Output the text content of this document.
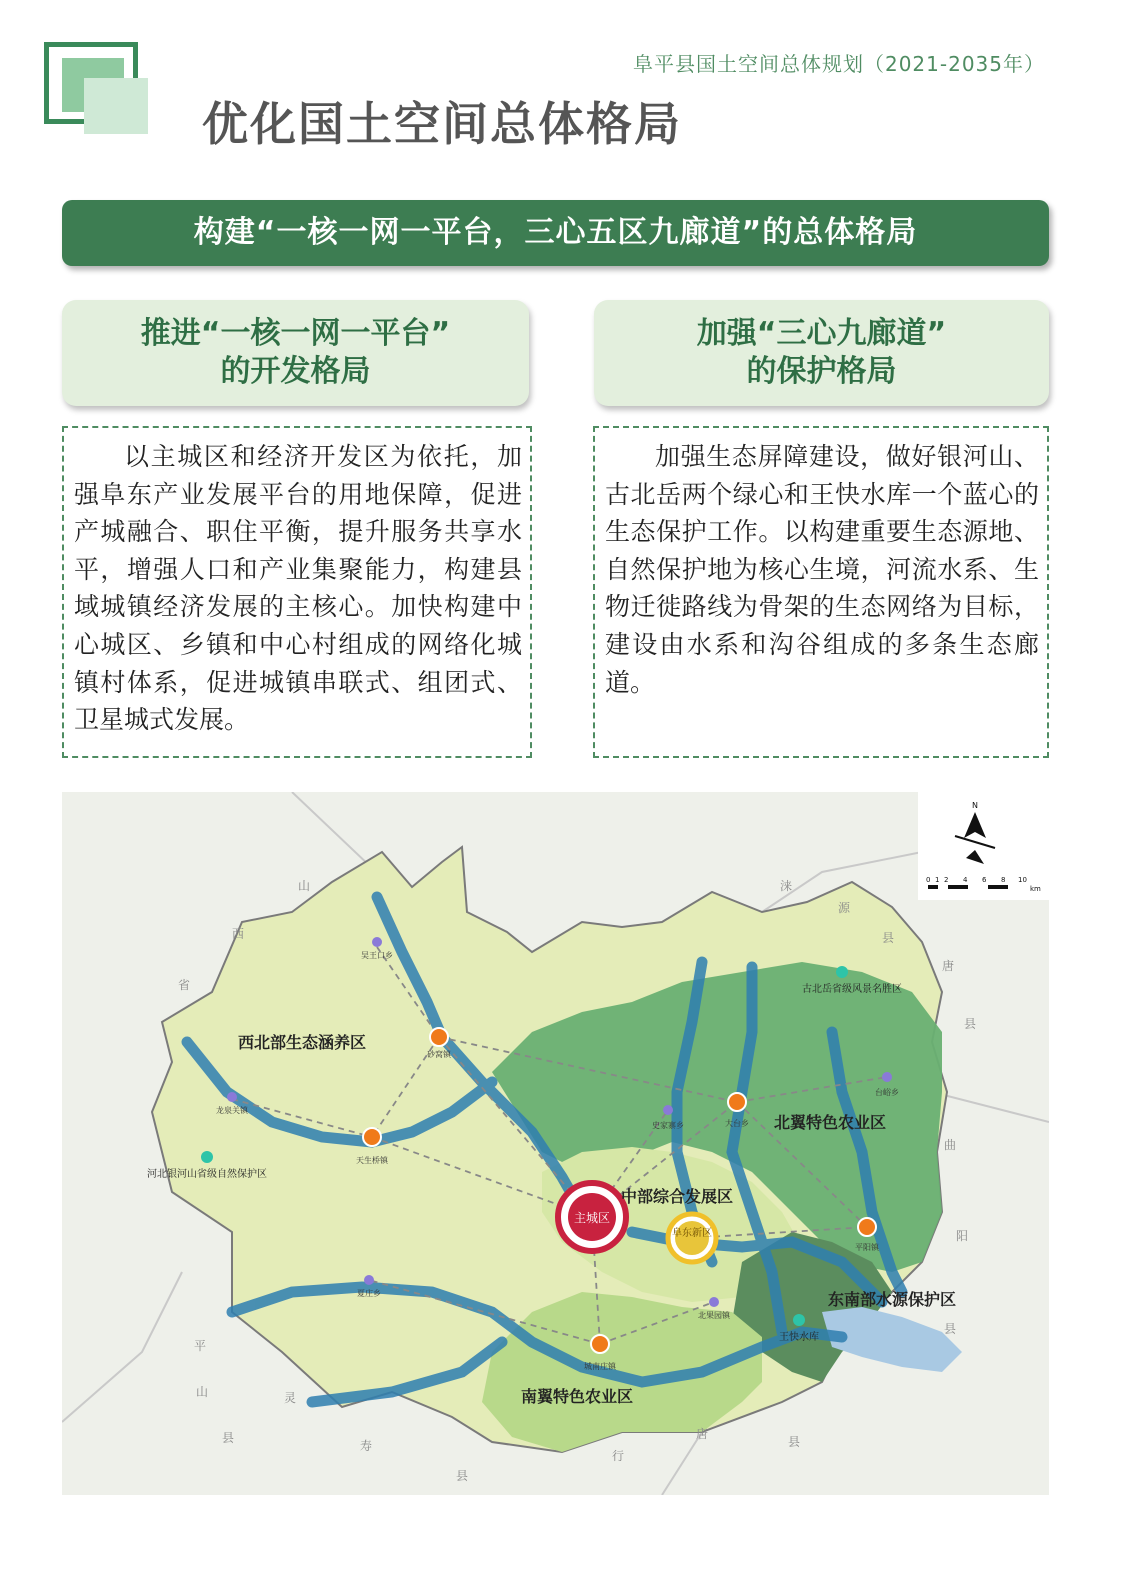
阜平县国土空间总体规划（2021-2035年）
优化国土空间总体格局
构建“一核一网一平台，三心五区九廊道”的总体格局
推进“一核一网一平台”
的开发格局
加强“三心九廊道”
的保护格局
以主城区和经济开发区为依托，加强阜东产业发展平台的用地保障，促进产城融合、职住平衡，提升服务共享水平，增强人口和产业集聚能力，构建县域城镇经济发展的主核心。加快构建中心城区、乡镇和中心村组成的网络化城镇村体系，促进城镇串联式、组团式、卫星城式发展。
加强生态屏障建设，做好银河山、古北岳两个绿心和王快水库一个蓝心的生态保护工作。以构建重要生态源地、自然保护地为核心生境，河流水系、生物迁徙路线为骨架的生态网络为目标，建设由水系和沟谷组成的多条生态廊道。
主城区
阜东新区
西北部生态涵养区
中部综合发展区
北翼特色农业区
东南部水源保护区
南翼特色农业区
吴王口乡
砂窝镇
龙泉关镇
天生桥镇
史家寨乡
台峪乡
大台乡
平阳镇
夏庄乡
北果园镇
城南庄镇
古北岳省级风景名胜区
河北银河山省级自然保护区
王快水库
山
西
省
涞
源
县
唐
县
曲
阳
县
平
山
县
灵
寿
县
行
唐
县
N
0 1 2 4 6 8 10
km
